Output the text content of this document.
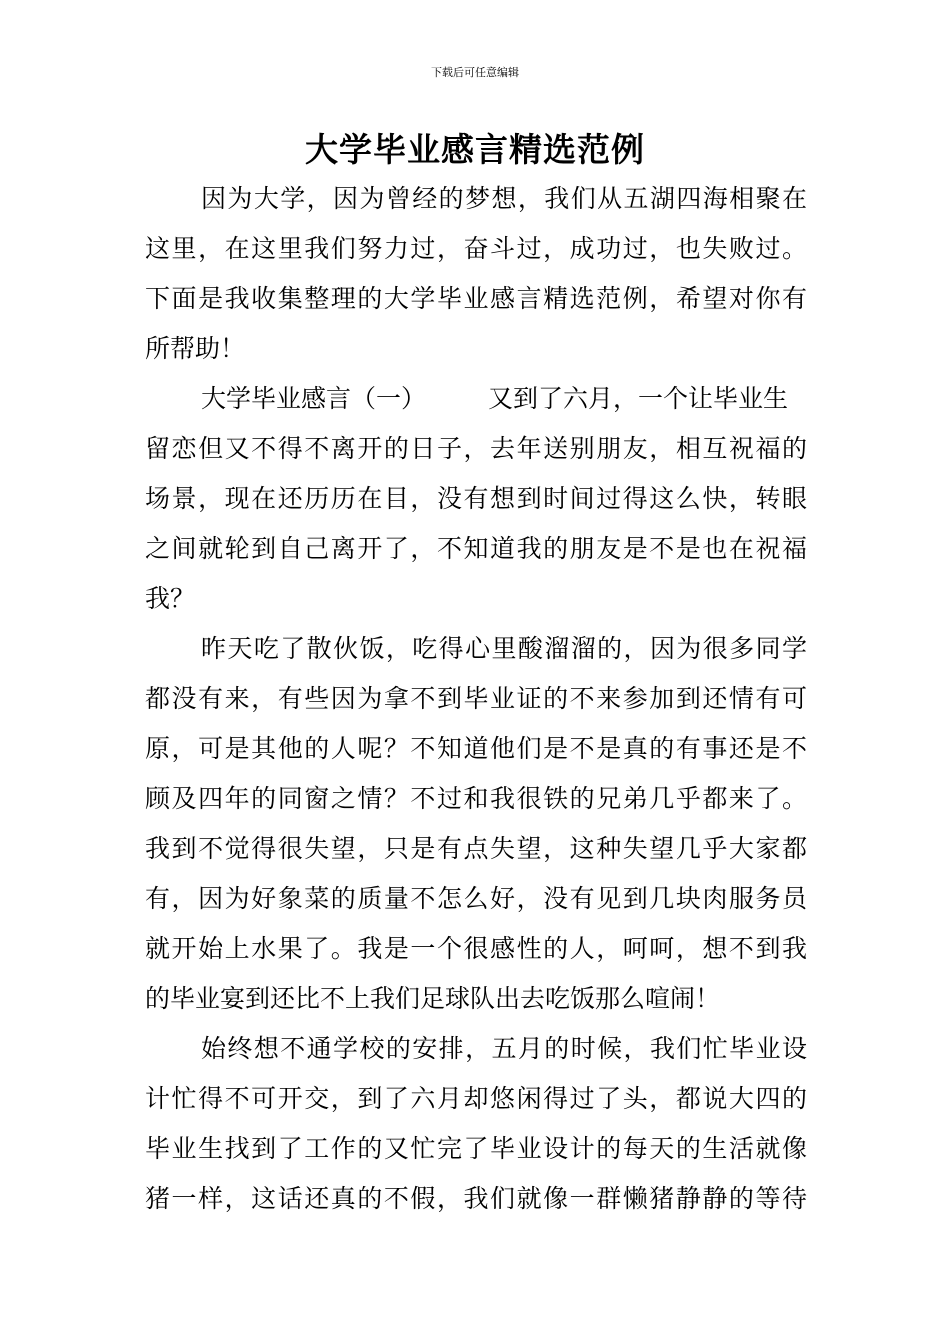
下载后可任意编辑
大学毕业感言精选范例
因为大学，因为曾经的梦想，我们从五湖四海相聚在
这里，在这里我们努力过，奋斗过，成功过，也失败过。
下面是我收集整理的大学毕业感言精选范例，希望对你有
所帮助！
大学毕业感言（一） 又到了六月，一个让毕业生
留恋但又不得不离开的日子，去年送别朋友，相互祝福的
场景，现在还历历在目，没有想到时间过得这么快，转眼
之间就轮到自己离开了，不知道我的朋友是不是也在祝福
我？
昨天吃了散伙饭，吃得心里酸溜溜的，因为很多同学
都没有来，有些因为拿不到毕业证的不来参加到还情有可
原，可是其他的人呢？不知道他们是不是真的有事还是不
顾及四年的同窗之情？不过和我很铁的兄弟几乎都来了。
我到不觉得很失望，只是有点失望，这种失望几乎大家都
有，因为好象菜的质量不怎么好，没有见到几块肉服务员
就开始上水果了。我是一个很感性的人，呵呵，想不到我
的毕业宴到还比不上我们足球队出去吃饭那么喧闹！
始终想不通学校的安排，五月的时候，我们忙毕业设
计忙得不可开交，到了六月却悠闲得过了头，都说大四的
毕业生找到了工作的又忙完了毕业设计的每天的生活就像
猪一样，这话还真的不假，我们就像一群懒猪静静的等待
